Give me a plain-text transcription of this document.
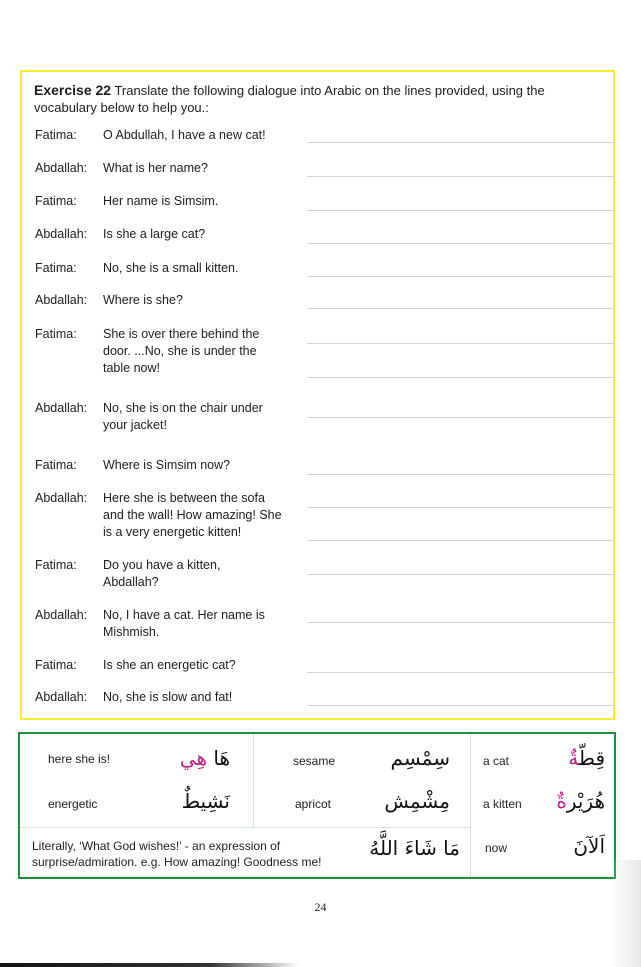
Exercise 22 Translate the following dialogue into Arabic on the lines provided, using the vocabulary below to help you.:
Fatima:	O Abdullah, I have a new cat!
Abdallah:	What is her name?
Fatima:	Her name is Simsim.
Abdallah:	Is she a large cat?
Fatima:	No, she is a small kitten.
Abdallah:	Where is she?
Fatima:	She is over there behind the door. ...No, she is under the table now!
Abdallah:	No, she is on the chair under your jacket!
Fatima:	Where is Simsim now?
Abdallah:	Here she is between the sofa and the wall! How amazing! She is a very energetic kitten!
Fatima:	Do you have a kitten, Abdallah?
Abdallah:	No, I have a cat. Her name is Mishmish.
Fatima:	Is she an energetic cat?
Abdallah:	No, she is slow and fat!
here she is!	هَا هِي
energetic	نَشِيطٌ
sesame	سِمْسِم
apricot	مِشْمِش
a cat	قِطّةٌ
a kitten	هُرَيْرةٌ
now	اَلآنَ
Literally, ‘What God wishes!’ - an expression of surprise/admiration. e.g. How amazing! Goodness me!
مَا شَاءَ اللَّهُ
24
